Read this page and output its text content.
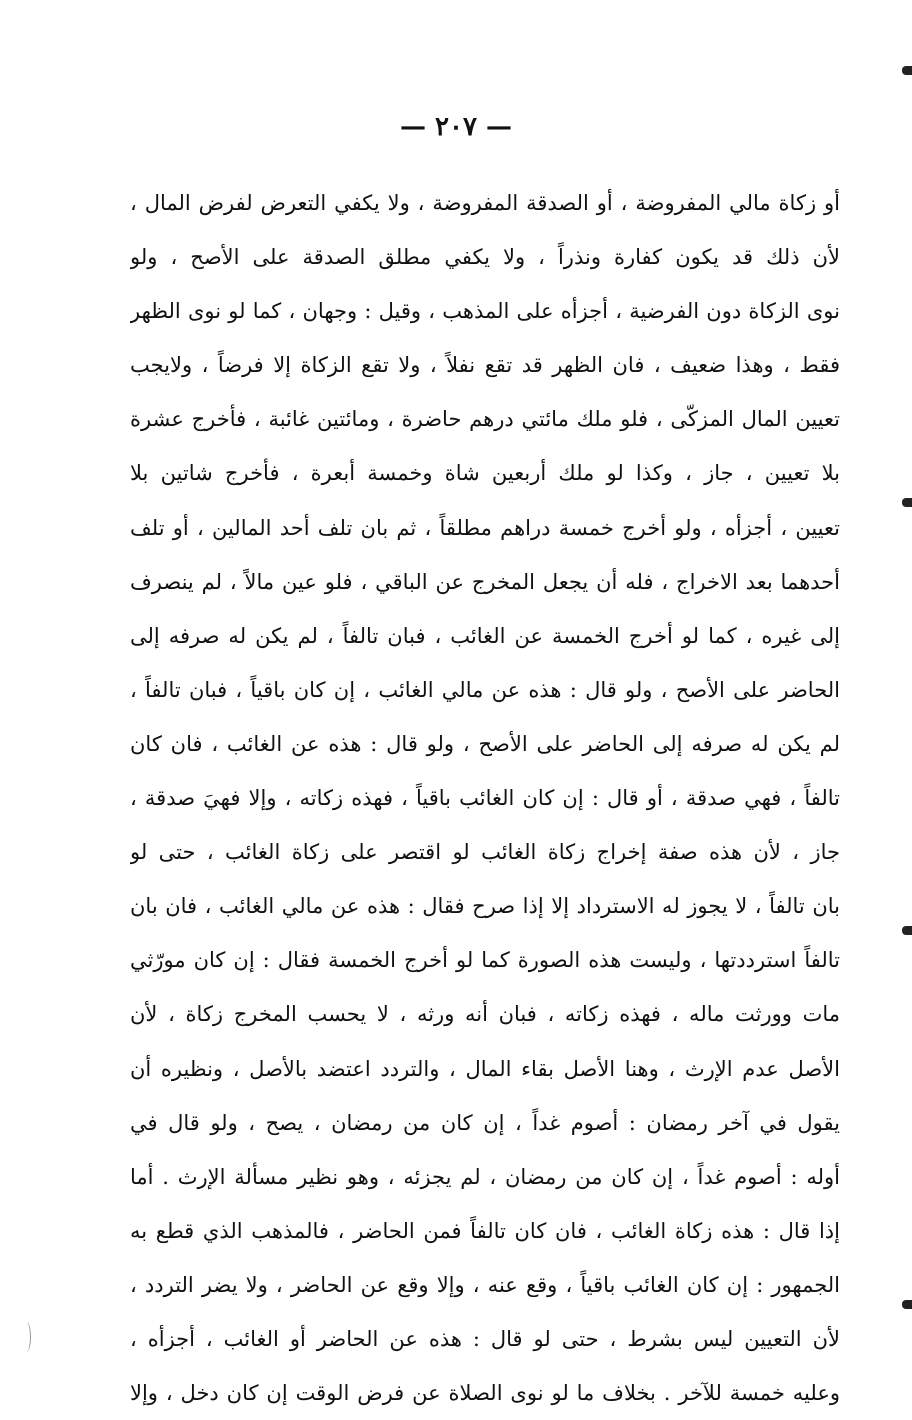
— ٢٠٧ —
أو زكاة مالي المفروضة ، أو الصدقة المفروضة ، ولا يكفي التعرض لفرض المال ،
لأن ذلك قد يكون كفارة ونذراً ، ولا يكفي مطلق الصدقة على الأصح ، ولو
نوى الزكاة دون الفرضية ، أجزأه على المذهب ، وقيل : وجهان ، كما لو نوى الظهر
فقط ، وهذا ضعيف ، فان الظهر قد تقع نفلاً ، ولا تقع الزكاة إلا فرضاً ، ولايجب
تعيين المال المزكّى ، فلو ملك مائتي درهم حاضرة ، ومائتين غائبة ، فأخرج عشرة
بلا تعيين ، جاز ، وكذا لو ملك أربعين شاة وخمسة أبعرة ، فأخرج شاتين بلا
تعيين ، أجزأه ، ولو أخرج خمسة دراهم مطلقاً ، ثم بان تلف أحد المالين ، أو تلف
أحدهما بعد الاخراج ، فله أن يجعل المخرج عن الباقي ، فلو عين مالاً ، لم ينصرف
إلى غيره ، كما لو أخرج الخمسة عن الغائب ، فبان تالفاً ، لم يكن له صرفه إلى
الحاضر على الأصح ، ولو قال : هذه عن مالي الغائب ، إن كان باقياً ، فبان تالفاً ،
لم يكن له صرفه إلى الحاضر على الأصح ، ولو قال : هذه عن الغائب ، فان كان
تالفاً ، فهي صدقة ، أو قال : إن كان الغائب باقياً ، فهذه زكاته ، وإلا فهيَ صدقة ،
جاز ، لأن هذه صفة إخراج زكاة الغائب لو اقتصر على زكاة الغائب ، حتى لو
بان تالفاً ، لا يجوز له الاسترداد إلا إذا صرح فقال : هذه عن مالي الغائب ، فان بان
تالفاً استرددتها ، وليست هذه الصورة كما لو أخرج الخمسة فقال : إن كان مورّثي
مات وورثت ماله ، فهذه زكاته ، فبان أنه ورثه ، لا يحسب المخرج زكاة ، لأن
الأصل عدم الإرث ، وهنا الأصل بقاء المال ، والتردد اعتضد بالأصل ، ونظيره أن
يقول في آخر رمضان : أصوم غداً ، إن كان من رمضان ، يصح ، ولو قال في
أوله : أصوم غداً ، إن كان من رمضان ، لم يجزئه ، وهو نظير مسألة الإرث . أما
إذا قال : هذه زكاة الغائب ، فان كان تالفاً فمن الحاضر ، فالمذهب الذي قطع به
الجمهور : إن كان الغائب باقياً ، وقع عنه ، وإلا وقع عن الحاضر ، ولا يضر التردد ،
لأن التعيين ليس بشرط ، حتى لو قال : هذه عن الحاضر أو الغائب ، أجزأه ،
وعليه خمسة للآخر . بخلاف ما لو نوى الصلاة عن فرض الوقت إن كان دخل ، وإلا
